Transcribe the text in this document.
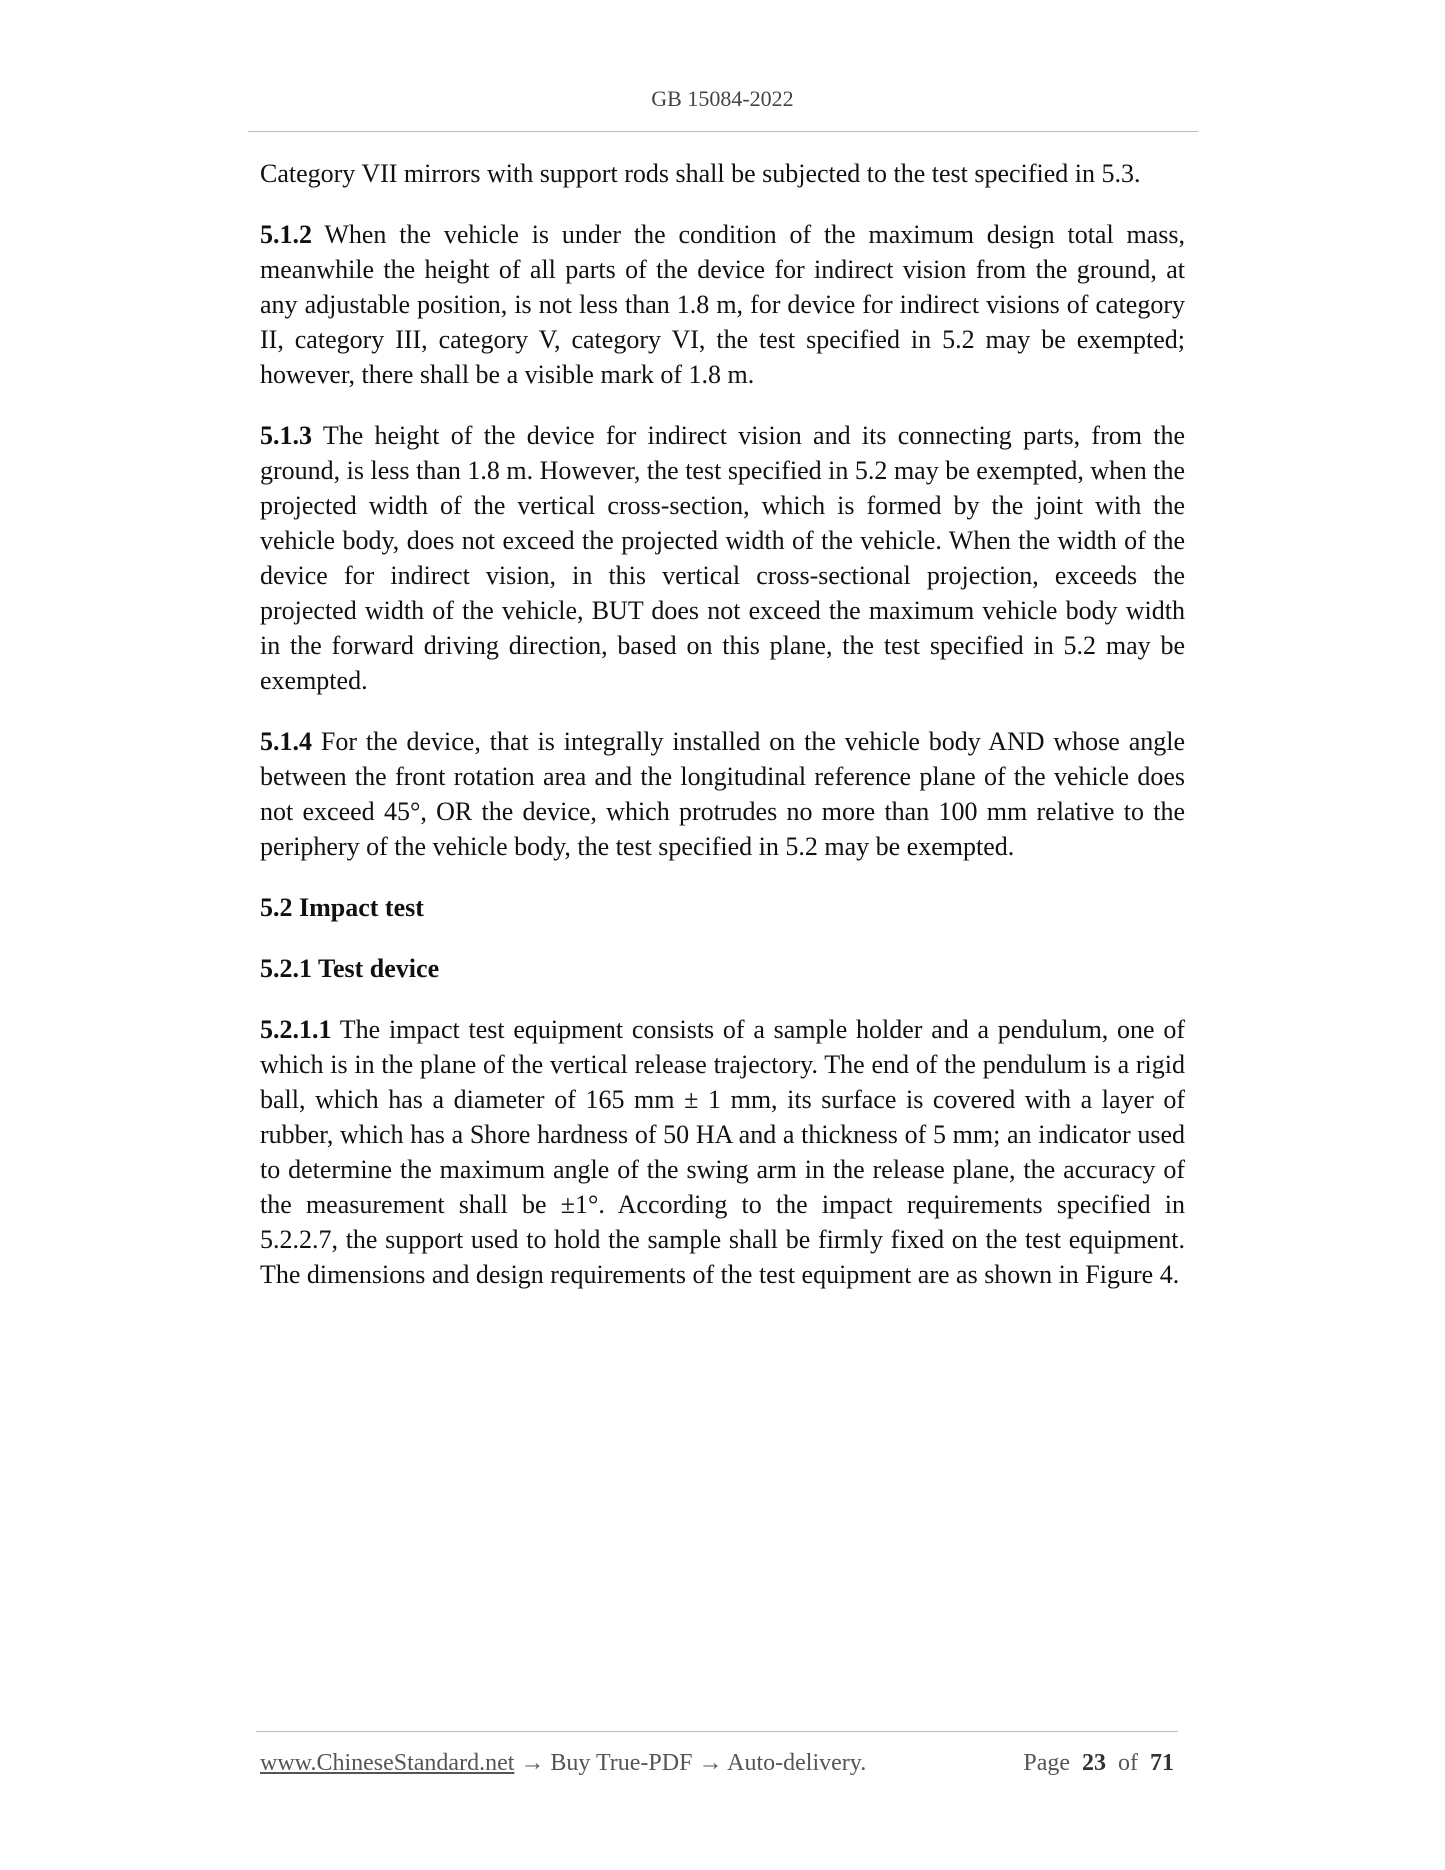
GB 15084-2022

Category VII mirrors with support rods shall be subjected to the test specified in 5.3.

5.1.2 When the vehicle is under the condition of the maximum design total mass, meanwhile the height of all parts of the device for indirect vision from the ground, at any adjustable position, is not less than 1.8 m, for device for indirect visions of category II, category III, category V, category VI, the test specified in 5.2 may be exempted; however, there shall be a visible mark of 1.8 m.

5.1.3 The height of the device for indirect vision and its connecting parts, from the ground, is less than 1.8 m. However, the test specified in 5.2 may be exempted, when the projected width of the vertical cross-section, which is formed by the joint with the vehicle body, does not exceed the projected width of the vehicle. When the width of the device for indirect vision, in this vertical cross-sectional projection, exceeds the projected width of the vehicle, BUT does not exceed the maximum vehicle body width in the forward driving direction, based on this plane, the test specified in 5.2 may be exempted.

5.1.4 For the device, that is integrally installed on the vehicle body AND whose angle between the front rotation area and the longitudinal reference plane of the vehicle does not exceed 45°, OR the device, which protrudes no more than 100 mm relative to the periphery of the vehicle body, the test specified in 5.2 may be exempted.

5.2 Impact test
5.2.1 Test device

5.2.1.1 The impact test equipment consists of a sample holder and a pendulum, one of which is in the plane of the vertical release trajectory. The end of the pendulum is a rigid ball, which has a diameter of 165 mm ± 1 mm, its surface is covered with a layer of rubber, which has a Shore hardness of 50 HA and a thickness of 5 mm; an indicator used to determine the maximum angle of the swing arm in the release plane, the accuracy of the measurement shall be ±1°. According to the impact requirements specified in 5.2.2.7, the support used to hold the sample shall be firmly fixed on the test equipment. The dimensions and design requirements of the test equipment are as shown in Figure 4.

www.ChineseStandard.net → Buy True-PDF → Auto-delivery.	Page 23 of 71
